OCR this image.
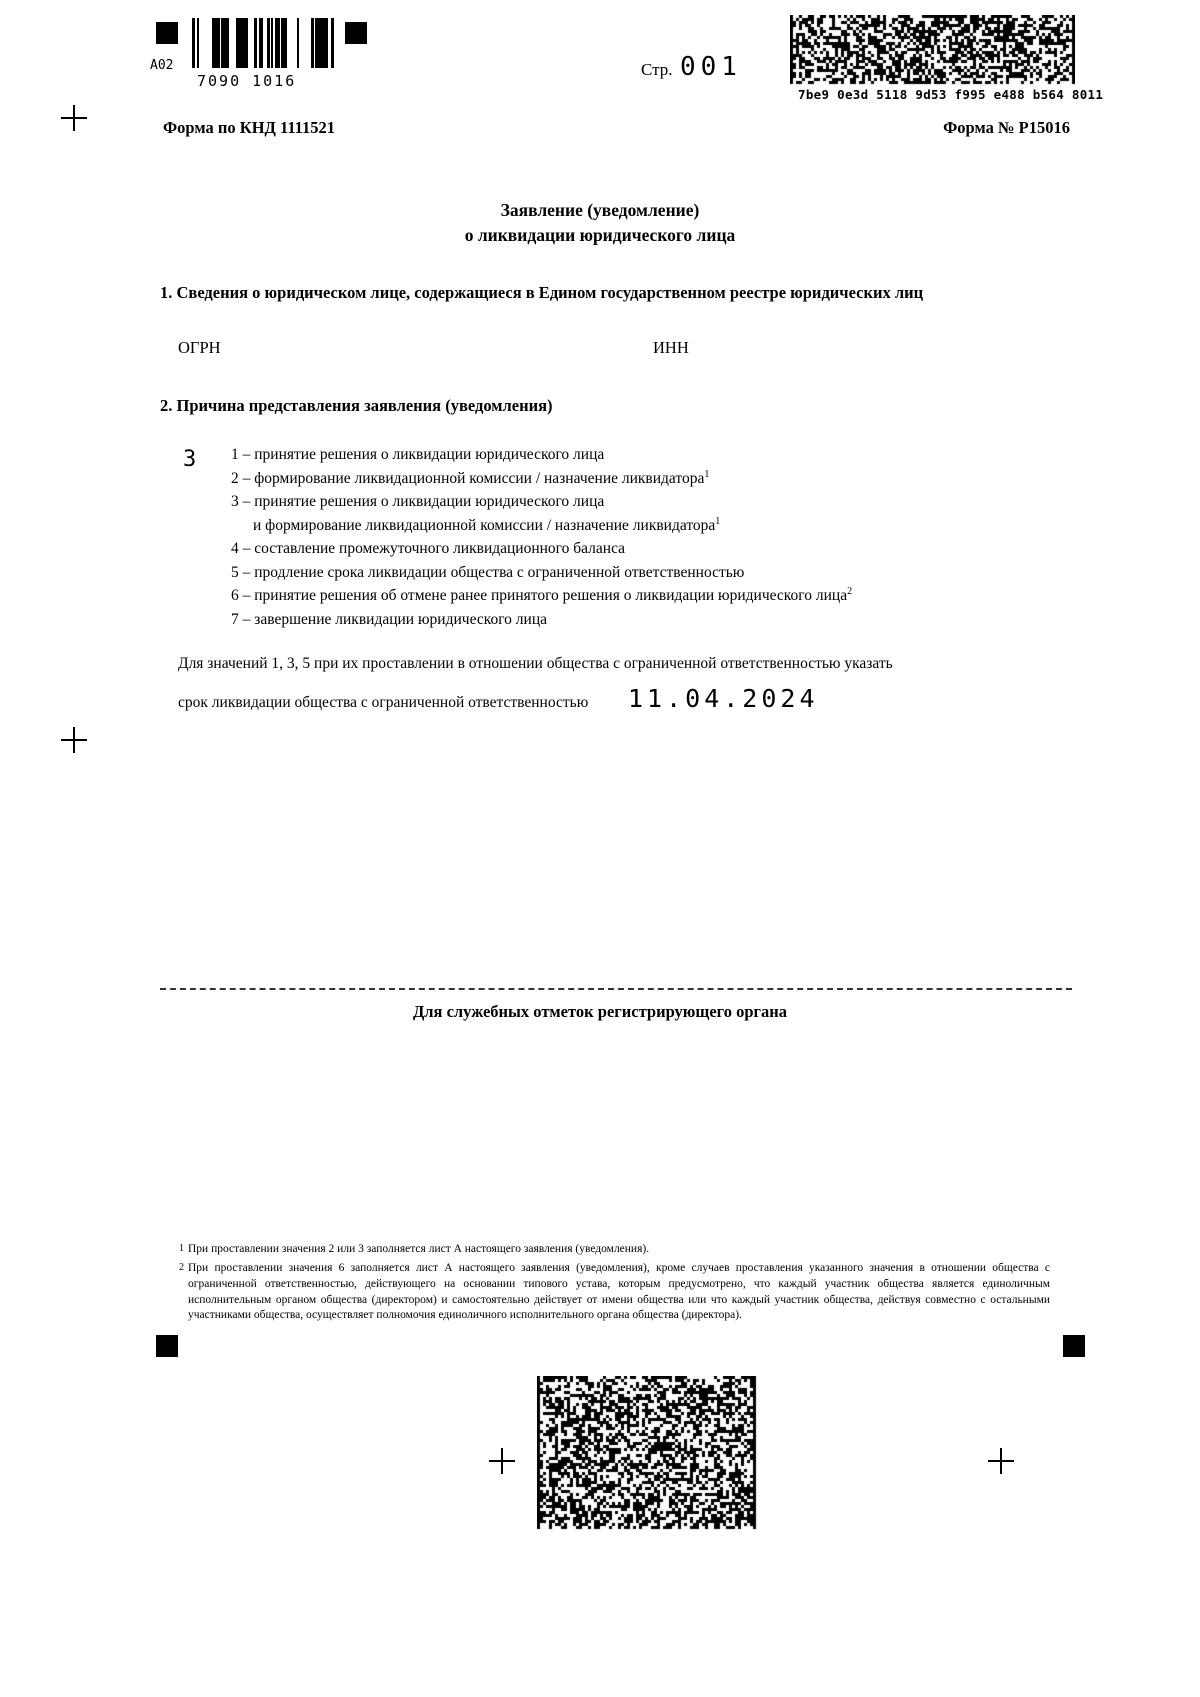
A02
7090 1016
Стр. 001
7be9 0e3d 5118 9d53 f995 e488 b564 8011
Форма по КНД 1111521	Форма № Р15016
Заявление (уведомление)
о ликвидации юридического лица
1. Сведения о юридическом лице, содержащиеся в Едином государственном реестре юридических лиц
ОГРН	ИНН
2. Причина представления заявления (уведомления)
3 1 – принятие решения о ликвидации юридического лица
2 – формирование ликвидационной комиссии / назначение ликвидатора$^1$
3 – принятие решения о ликвидации юридического лица
и формирование ликвидационной комиссии / назначение ликвидатора$^1$
4 – составление промежуточного ликвидационного баланса
5 – продление срока ликвидации общества с ограниченной ответственностью
6 – принятие решения об отмене ранее принятого решения о ликвидации юридического лица$^2$
7 – завершение ликвидации юридического лица
Для значений 1, 3, 5 при их проставлении в отношении общества с ограниченной ответственностью указать
срок ликвидации общества с ограниченной ответственностью 11.04.2024
Для служебных отметок регистрирующего органа
1 При проставлении значения 2 или 3 заполняется лист А настоящего заявления (уведомления).
2 При проставлении значения 6 заполняется лист А настоящего заявления (уведомления), кроме случаев проставления указанного значения в отношении общества с ограниченной ответственностью, действующего на основании типового устава, которым предусмотрено, что каждый участник общества является единоличным исполнительным органом общества (директором) и самостоятельно действует от имени общества или что каждый участник общества, действуя совместно с остальными участниками общества, осуществляет полномочия единоличного исполнительного органа общества (директора).
